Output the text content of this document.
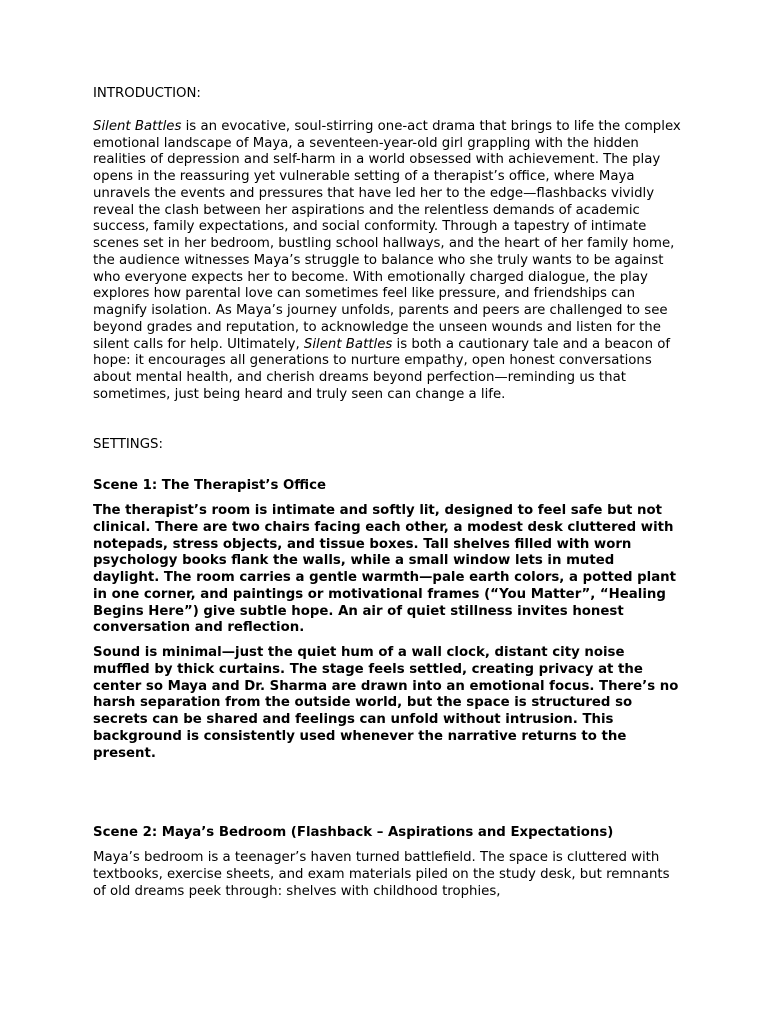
INTRODUCTION:

Silent Battles is an evocative, soul-stirring one-act drama that brings to life the complex emotional landscape of Maya, a seventeen-year-old girl grappling with the hidden realities of depression and self-harm in a world obsessed with achievement. The play opens in the reassuring yet vulnerable setting of a therapist’s office, where Maya unravels the events and pressures that have led her to the edge—flashbacks vividly reveal the clash between her aspirations and the relentless demands of academic success, family expectations, and social conformity. Through a tapestry of intimate scenes set in her bedroom, bustling school hallways, and the heart of her family home, the audience witnesses Maya’s struggle to balance who she truly wants to be against who everyone expects her to become. With emotionally charged dialogue, the play explores how parental love can sometimes feel like pressure, and friendships can magnify isolation. As Maya’s journey unfolds, parents and peers are challenged to see beyond grades and reputation, to acknowledge the unseen wounds and listen for the silent calls for help. Ultimately, Silent Battles is both a cautionary tale and a beacon of hope: it encourages all generations to nurture empathy, open honest conversations about mental health, and cherish dreams beyond perfection—reminding us that sometimes, just being heard and truly seen can change a life.

SETTINGS:

Scene 1: The Therapist’s Office

The therapist’s room is intimate and softly lit, designed to feel safe but not clinical. There are two chairs facing each other, a modest desk cluttered with notepads, stress objects, and tissue boxes. Tall shelves filled with worn psychology books flank the walls, while a small window lets in muted daylight. The room carries a gentle warmth—pale earth colors, a potted plant in one corner, and paintings or motivational frames (“You Matter”, “Healing Begins Here”) give subtle hope. An air of quiet stillness invites honest conversation and reflection.

Sound is minimal—just the quiet hum of a wall clock, distant city noise muffled by thick curtains. The stage feels settled, creating privacy at the center so Maya and Dr. Sharma are drawn into an emotional focus. There’s no harsh separation from the outside world, but the space is structured so secrets can be shared and feelings can unfold without intrusion. This background is consistently used whenever the narrative returns to the present.

Scene 2: Maya’s Bedroom (Flashback – Aspirations and Expectations)

Maya’s bedroom is a teenager’s haven turned battlefield. The space is cluttered with textbooks, exercise sheets, and exam materials piled on the study desk, but remnants of old dreams peek through: shelves with childhood trophies,
